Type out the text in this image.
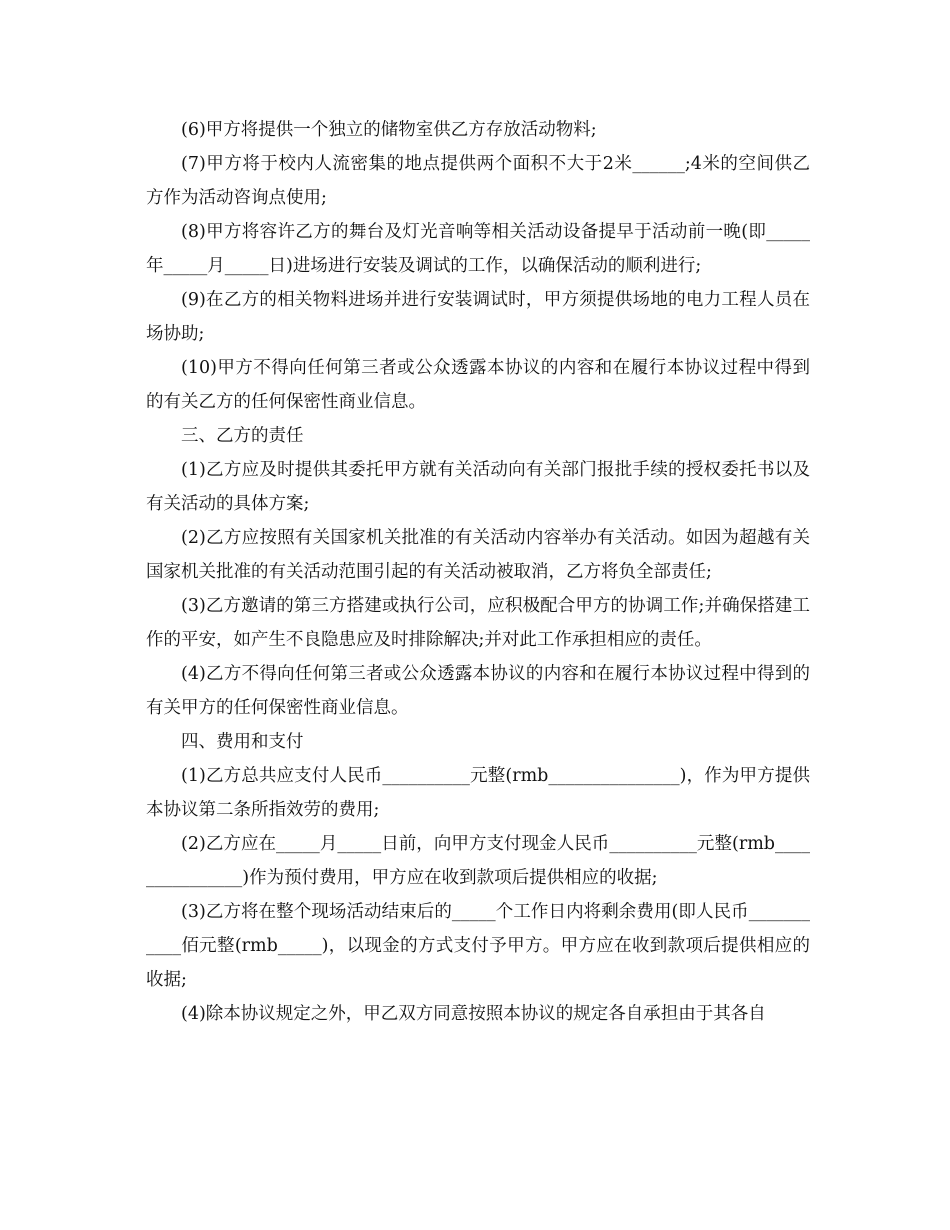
(6)甲方将提供一个独立的储物室供乙方存放活动物料;

(7)甲方将于校内人流密集的地点提供两个面积不大于2米______;4米的空间供乙方作为活动咨询点使用;

(8)甲方将容许乙方的舞台及灯光音响等相关活动设备提早于活动前一晚(即_____年_____月_____日)进场进行安装及调试的工作，以确保活动的顺利进行;

(9)在乙方的相关物料进场并进行安装调试时，甲方须提供场地的电力工程人员在场协助;

(10)甲方不得向任何第三者或公众透露本协议的内容和在履行本协议过程中得到的有关乙方的任何保密性商业信息。

三、乙方的责任

(1)乙方应及时提供其委托甲方就有关活动向有关部门报批手续的授权委托书以及有关活动的具体方案;

(2)乙方应按照有关国家机关批准的有关活动内容举办有关活动。如因为超越有关国家机关批准的有关活动范围引起的有关活动被取消，乙方将负全部责任;

(3)乙方邀请的第三方搭建或执行公司，应积极配合甲方的协调工作;并确保搭建工作的平安，如产生不良隐患应及时排除解决;并对此工作承担相应的责任。

(4)乙方不得向任何第三者或公众透露本协议的内容和在履行本协议过程中得到的有关甲方的任何保密性商业信息。

四、费用和支付

(1)乙方总共应支付人民币__________元整(rmb_______________)，作为甲方提供本协议第二条所指效劳的费用;

(2)乙方应在_____月_____日前，向甲方支付现金人民币__________元整(rmb_______________)作为预付费用，甲方应在收到款项后提供相应的收据;

(3)乙方将在整个现场活动结束后的_____个工作日内将剩余费用(即人民币___________佰元整(rmb_____)，以现金的方式支付予甲方。甲方应在收到款项后提供相应的收据;

(4)除本协议规定之外，甲乙双方同意按照本协议的规定各自承担由于其各自
